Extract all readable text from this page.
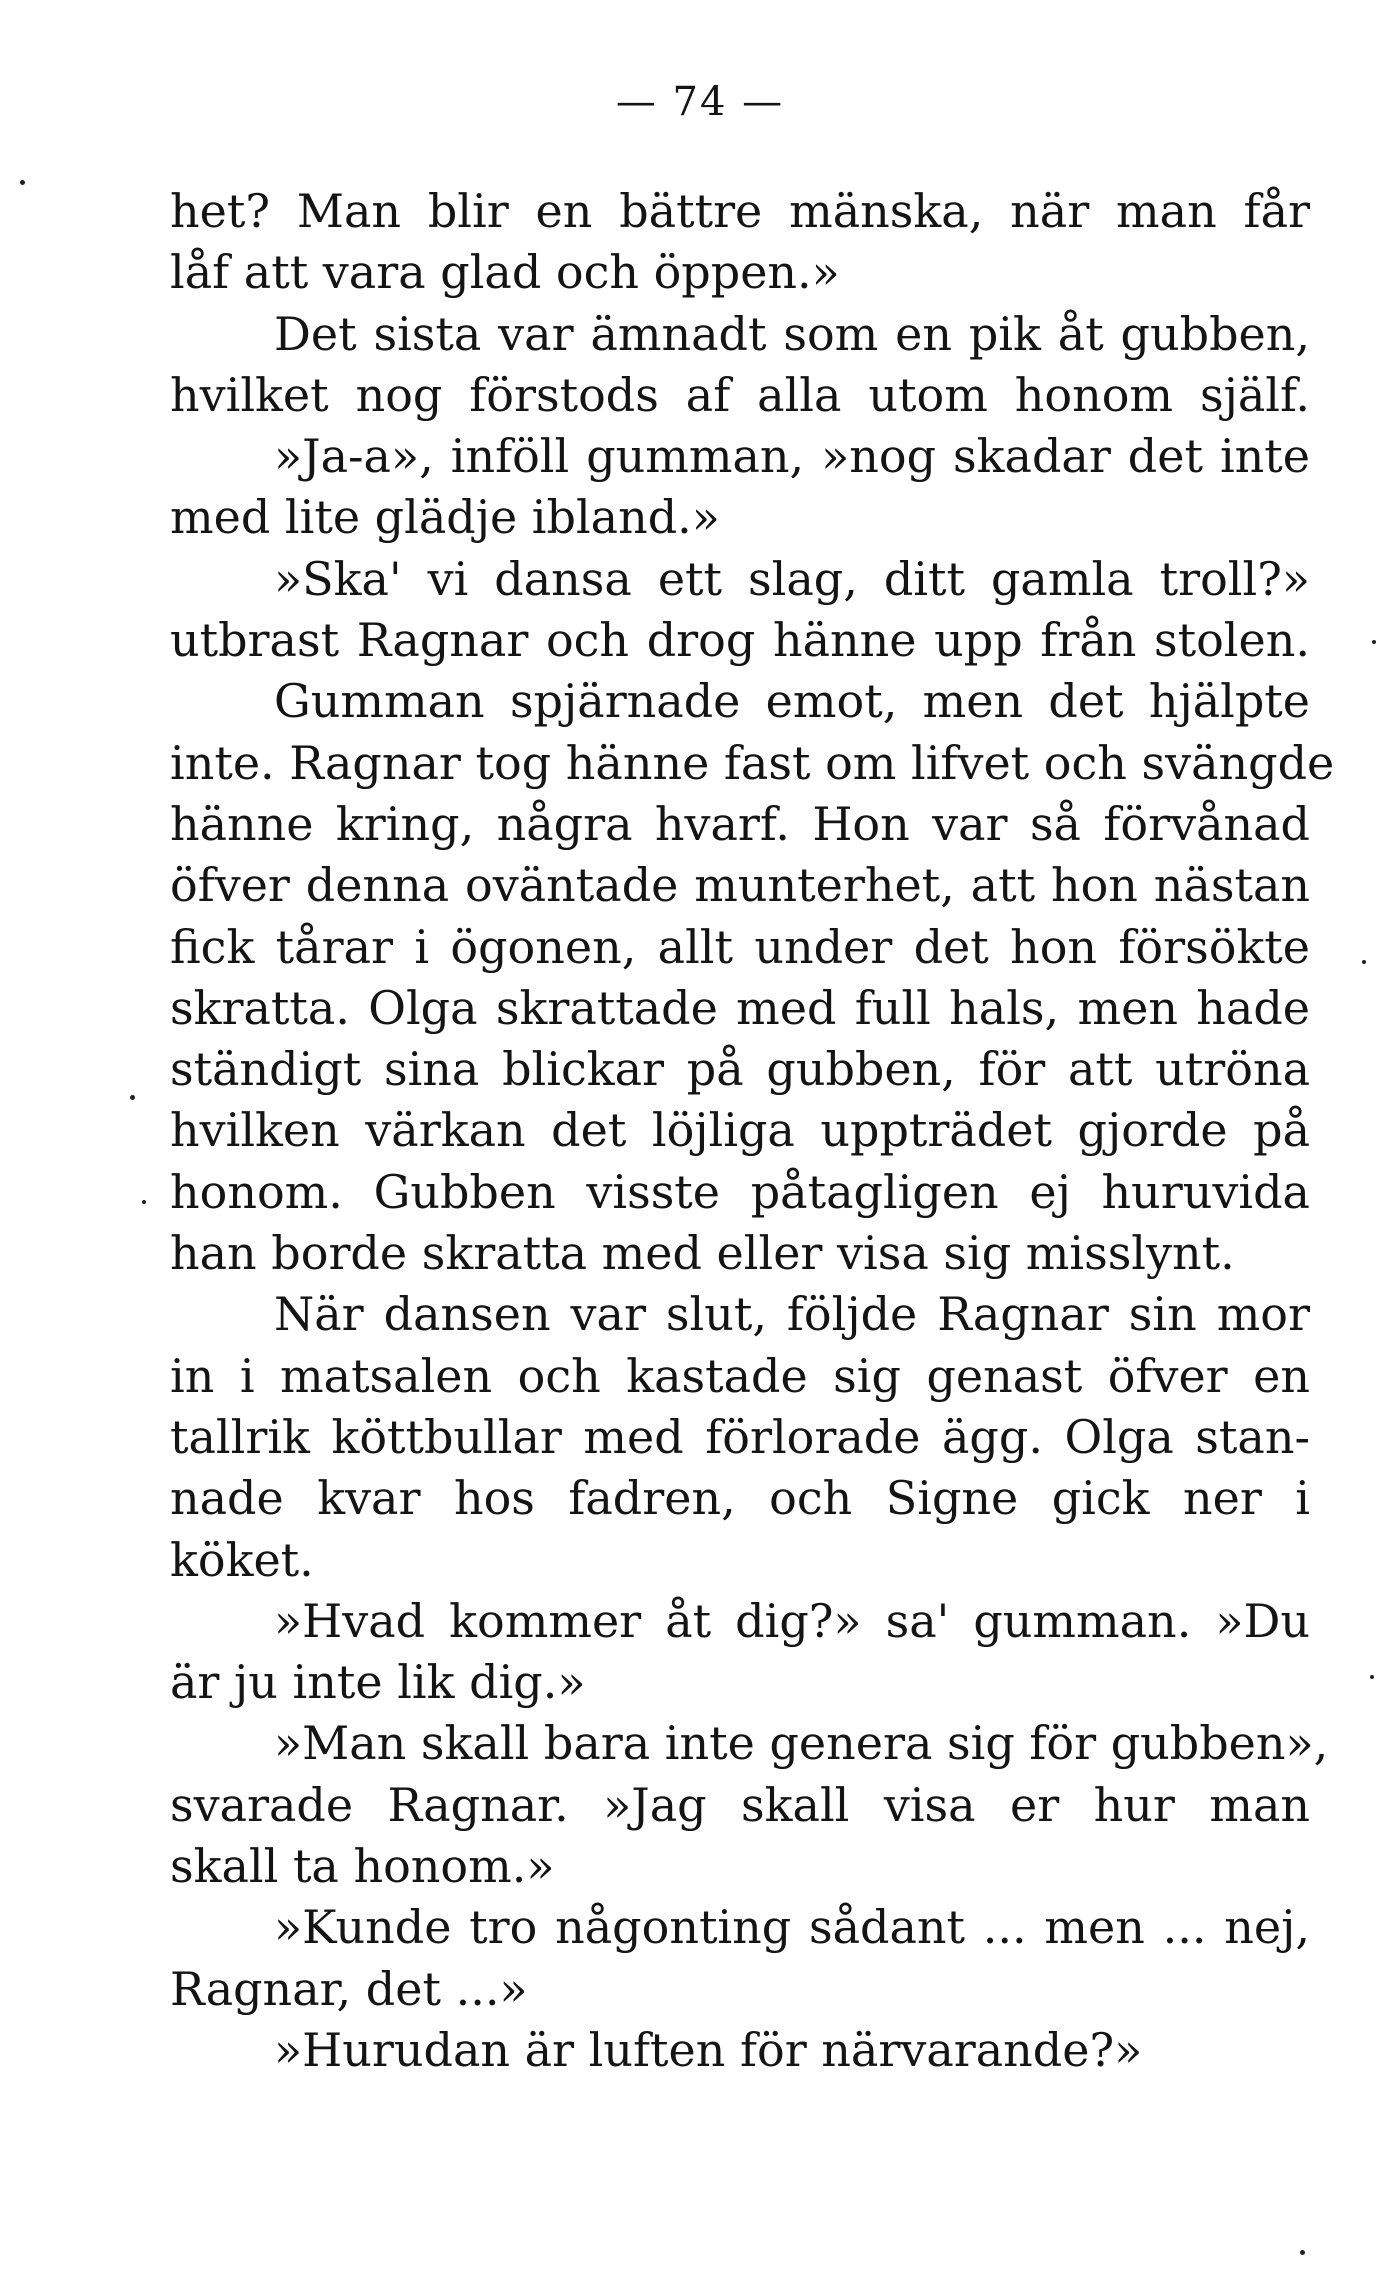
— 74 —
het? Man blir en bättre mänska, när man får
låf att vara glad och öppen.»
Det sista var ämnadt som en pik åt gubben,
hvilket nog förstods af alla utom honom själf.
»Ja-a», inföll gumman, »nog skadar det inte
med lite glädje ibland.»
»Ska' vi dansa ett slag, ditt gamla troll?»
utbrast Ragnar och drog hänne upp från stolen.
Gumman spjärnade emot, men det hjälpte
inte. Ragnar tog hänne fast om lifvet och svängde
hänne kring, några hvarf. Hon var så förvånad
öfver denna oväntade munterhet, att hon nästan
fick tårar i ögonen, allt under det hon försökte
skratta. Olga skrattade med full hals, men hade
ständigt sina blickar på gubben, för att utröna
hvilken värkan det löjliga uppträdet gjorde på
honom. Gubben visste påtagligen ej huruvida
han borde skratta med eller visa sig misslynt.
När dansen var slut, följde Ragnar sin mor
in i matsalen och kastade sig genast öfver en
tallrik köttbullar med förlorade ägg. Olga stan-
nade kvar hos fadren, och Signe gick ner i
köket.
»Hvad kommer åt dig?» sa' gumman. »Du
är ju inte lik dig.»
»Man skall bara inte genera sig för gubben»,
svarade Ragnar. »Jag skall visa er hur man
skall ta honom.»
»Kunde tro någonting sådant ... men ... nej,
Ragnar, det ...»
»Hurudan är luften för närvarande?»
